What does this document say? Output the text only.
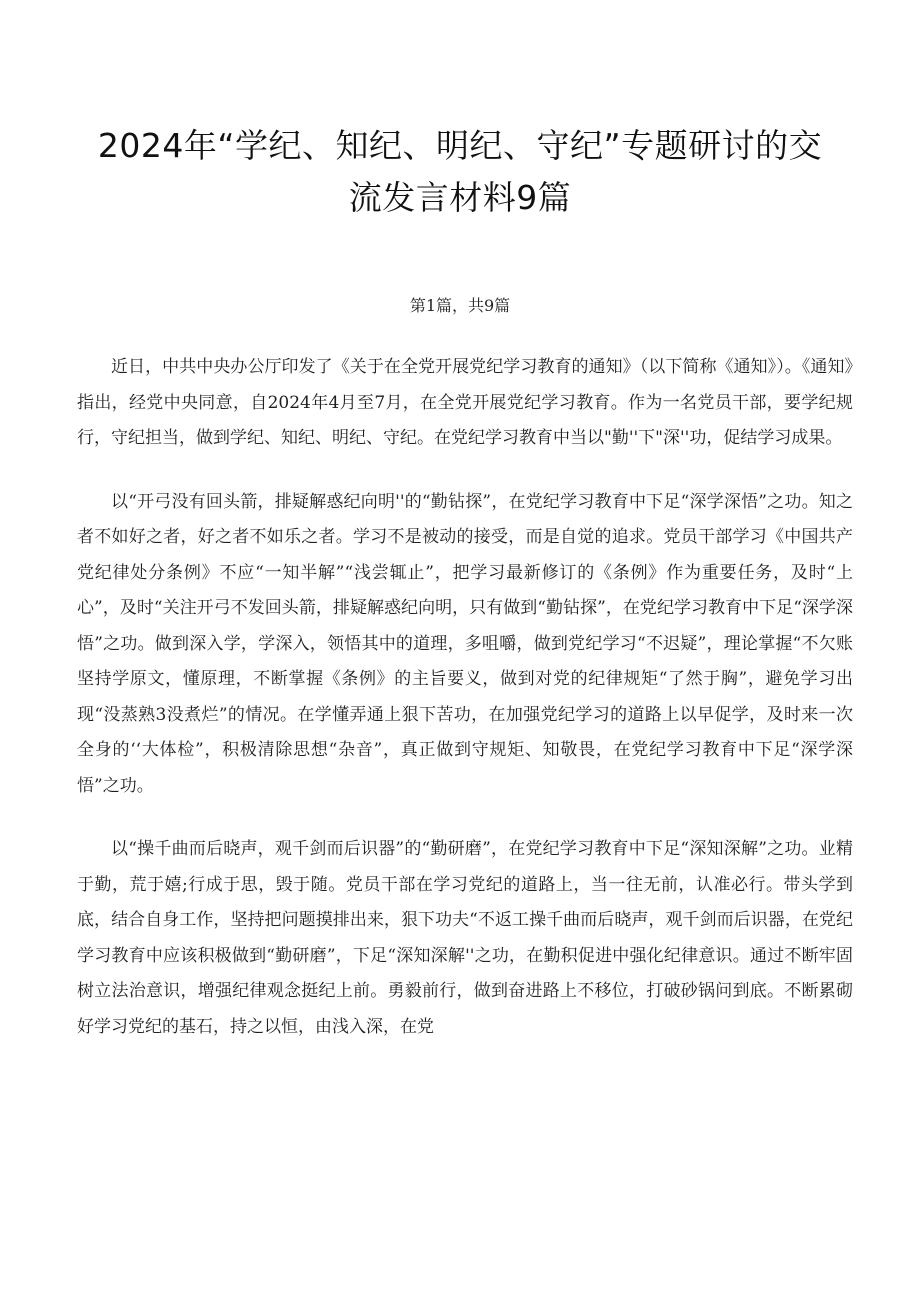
2024年“学纪、知纪、明纪、守纪”专题研讨的交
流发言材料9篇
第1篇，共9篇

近日，中共中央办公厅印发了《关于在全党开展党纪学习教育的通知》（以下简称《通知》）。《通知》指出，经党中央同意，自2024年4月至7月，在全党开展党纪学习教育。作为一名党员干部，要学纪规行，守纪担当，做到学纪、知纪、明纪、守纪。在党纪学习教育中当以"勤''下"深''功，促结学习成果。

以“开弓没有回头箭，排疑解惑纪向明''的“勤钻探”，在党纪学习教育中下足“深学深悟”之功。知之者不如好之者，好之者不如乐之者。学习不是被动的接受，而是自觉的追求。党员干部学习《中国共产党纪律处分条例》不应“一知半解”“浅尝辄止”，把学习最新修订的《条例》作为重要任务，及时“上心”，及时“关注开弓不发回头箭，排疑解惑纪向明，只有做到“勤钻探”，在党纪学习教育中下足“深学深悟”之功。做到深入学，学深入，领悟其中的道理，多咀嚼，做到党纪学习“不迟疑”，理论掌握“不欠账坚持学原文，懂原理，不断掌握《条例》的主旨要义，做到对党的纪律规矩“了然于胸”，避免学习出现“没蒸熟3没煮烂”的情况。在学懂弄通上狠下苦功，在加强党纪学习的道路上以早促学，及时来一次全身的‘‘大体检”，积极清除思想“杂音”，真正做到守规矩、知敬畏，在党纪学习教育中下足“深学深悟”之功。

以“操千曲而后晓声，观千剑而后识器”的“勤研磨”，在党纪学习教育中下足“深知深解”之功。业精于勤，荒于嬉;行成于思，毁于随。党员干部在学习党纪的道路上，当一往无前，认准必行。带头学到底，结合自身工作，坚持把问题摸排出来，狠下功夫“不返工操千曲而后晓声，观千剑而后识器，在党纪学习教育中应该积极做到“勤研磨”，下足“深知深解''之功，在勤积促进中强化纪律意识。通过不断牢固树立法治意识，增强纪律观念挺纪上前。勇毅前行，做到奋进路上不移位，打破砂锅问到底。不断累砌好学习党纪的基石，持之以恒，由浅入深，在党
